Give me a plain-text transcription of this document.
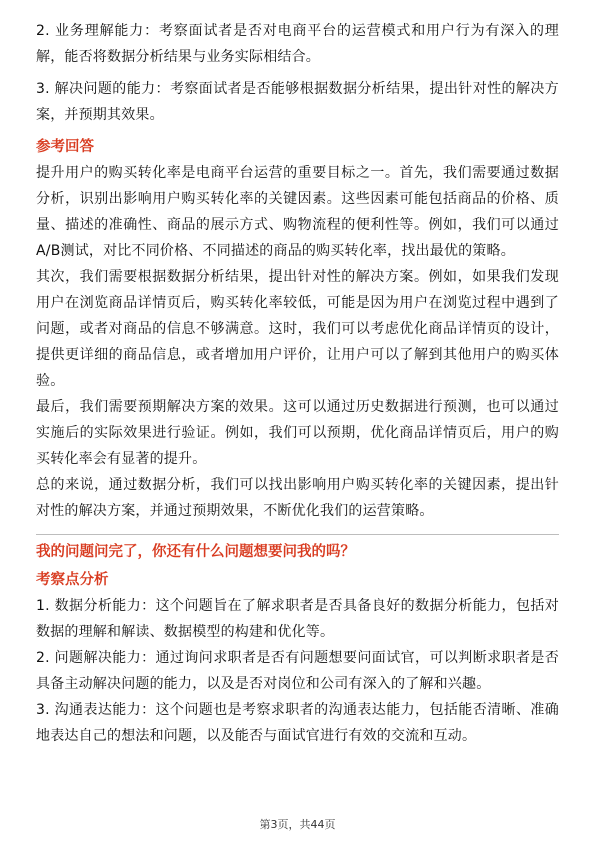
2. 业务理解能力：考察面试者是否对电商平台的运营模式和用户行为有深入的理解，能否将数据分析结果与业务实际相结合。

3. 解决问题的能力：考察面试者是否能够根据数据分析结果，提出针对性的解决方案，并预期其效果。

参考回答

提升用户的购买转化率是电商平台运营的重要目标之一。首先，我们需要通过数据分析，识别出影响用户购买转化率的关键因素。这些因素可能包括商品的价格、质量、描述的准确性、商品的展示方式、购物流程的便利性等。例如，我们可以通过A/B测试，对比不同价格、不同描述的商品的购买转化率，找出最优的策略。

其次，我们需要根据数据分析结果，提出针对性的解决方案。例如，如果我们发现用户在浏览商品详情页后，购买转化率较低，可能是因为用户在浏览过程中遇到了问题，或者对商品的信息不够满意。这时，我们可以考虑优化商品详情页的设计，提供更详细的商品信息，或者增加用户评价，让用户可以了解到其他用户的购买体验。

最后，我们需要预期解决方案的效果。这可以通过历史数据进行预测，也可以通过实施后的实际效果进行验证。例如，我们可以预期，优化商品详情页后，用户的购买转化率会有显著的提升。

总的来说，通过数据分析，我们可以找出影响用户购买转化率的关键因素，提出针对性的解决方案，并通过预期效果，不断优化我们的运营策略。

我的问题问完了，你还有什么问题想要问我的吗？

考察点分析

1. 数据分析能力：这个问题旨在了解求职者是否具备良好的数据分析能力，包括对数据的理解和解读、数据模型的构建和优化等。

2. 问题解决能力：通过询问求职者是否有问题想要问面试官，可以判断求职者是否具备主动解决问题的能力，以及是否对岗位和公司有深入的了解和兴趣。

3. 沟通表达能力：这个问题也是考察求职者的沟通表达能力，包括能否清晰、准确地表达自己的想法和问题，以及能否与面试官进行有效的交流和互动。

第3页，共44页
